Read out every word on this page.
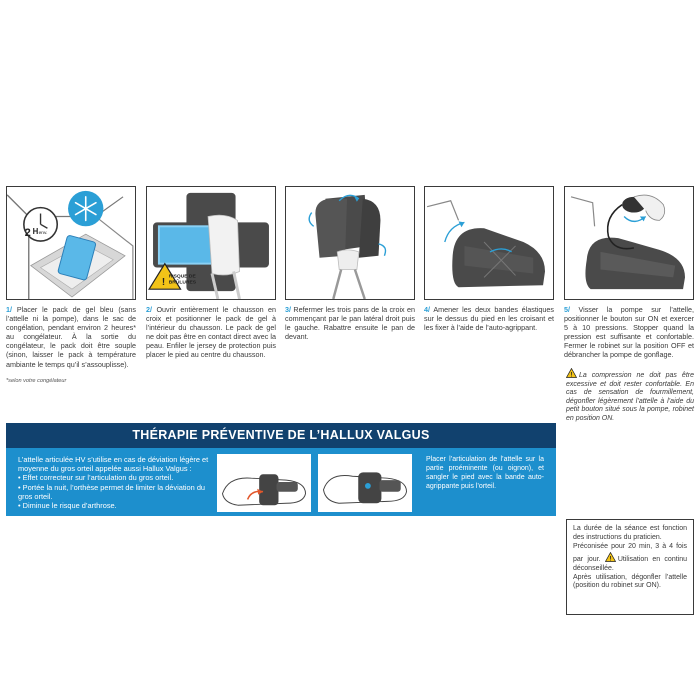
2 H env.
1/ Placer le pack de gel bleu (sans l’attelle ni la pompe), dans le sac de congélation, pendant environ 2 heures* au congélateur. À la sortie du congélateur, le pack doit être souple (sinon, laisser le pack à température ambiante le temps qu’il s’assouplisse).
!
RISQUE DE
BRÛLURES
2/ Ouvrir entièrement le chausson en croix et positionner le pack de gel à l’intérieur du chausson. Le pack de gel ne doit pas être en contact direct avec la peau. Enfiler le jersey de protection puis placer le pied au centre du chausson.
3/ Refermer les trois pans de la croix en commençant par le pan latéral droit puis le gauche. Rabattre ensuite le pan de devant.
4/ Amener les deux bandes élastiques sur le dessus du pied en les croisant et les fixer à l’aide de l’auto-agrippant.
5/ Visser la pompe sur l’attelle, positionner le bouton sur ON et exercer 5 à 10 pressions. Stopper quand la pression est suffisante et confortable. Fermer le robinet sur la position OFF et débrancher la pompe de gonflage.
*selon votre congélateur
! La compression ne doit pas être excessive et doit rester confortable. En cas de sensation de fourmillement, dégonfler légèrement l’attelle à l’aide du petit bouton situé sous la pompe, robinet en position ON.
THÉRAPIE PRÉVENTIVE DE L’HALLUX VALGUS
L’attelle articulée HV s’utilise en cas de déviation légère et moyenne du gros orteil appelée aussi Hallux Valgus :
• Effet correcteur sur l’articulation du gros orteil.
• Portée la nuit, l’orthèse permet de limiter la déviation du gros orteil.
• Diminue le risque d’arthrose.
Placer l’articulation de l’attelle sur la partie proéminente (ou oignon), et sangler le pied avec la bande auto-agrippante puis l’orteil.
La durée de la séance est fonction des instructions du praticien.
Préconisée pour 20 min, 3 à 4 fois par jour. ! Utilisation en continu déconseillée.
Après utilisation, dégonfler l’attelle (position du robinet sur ON).
